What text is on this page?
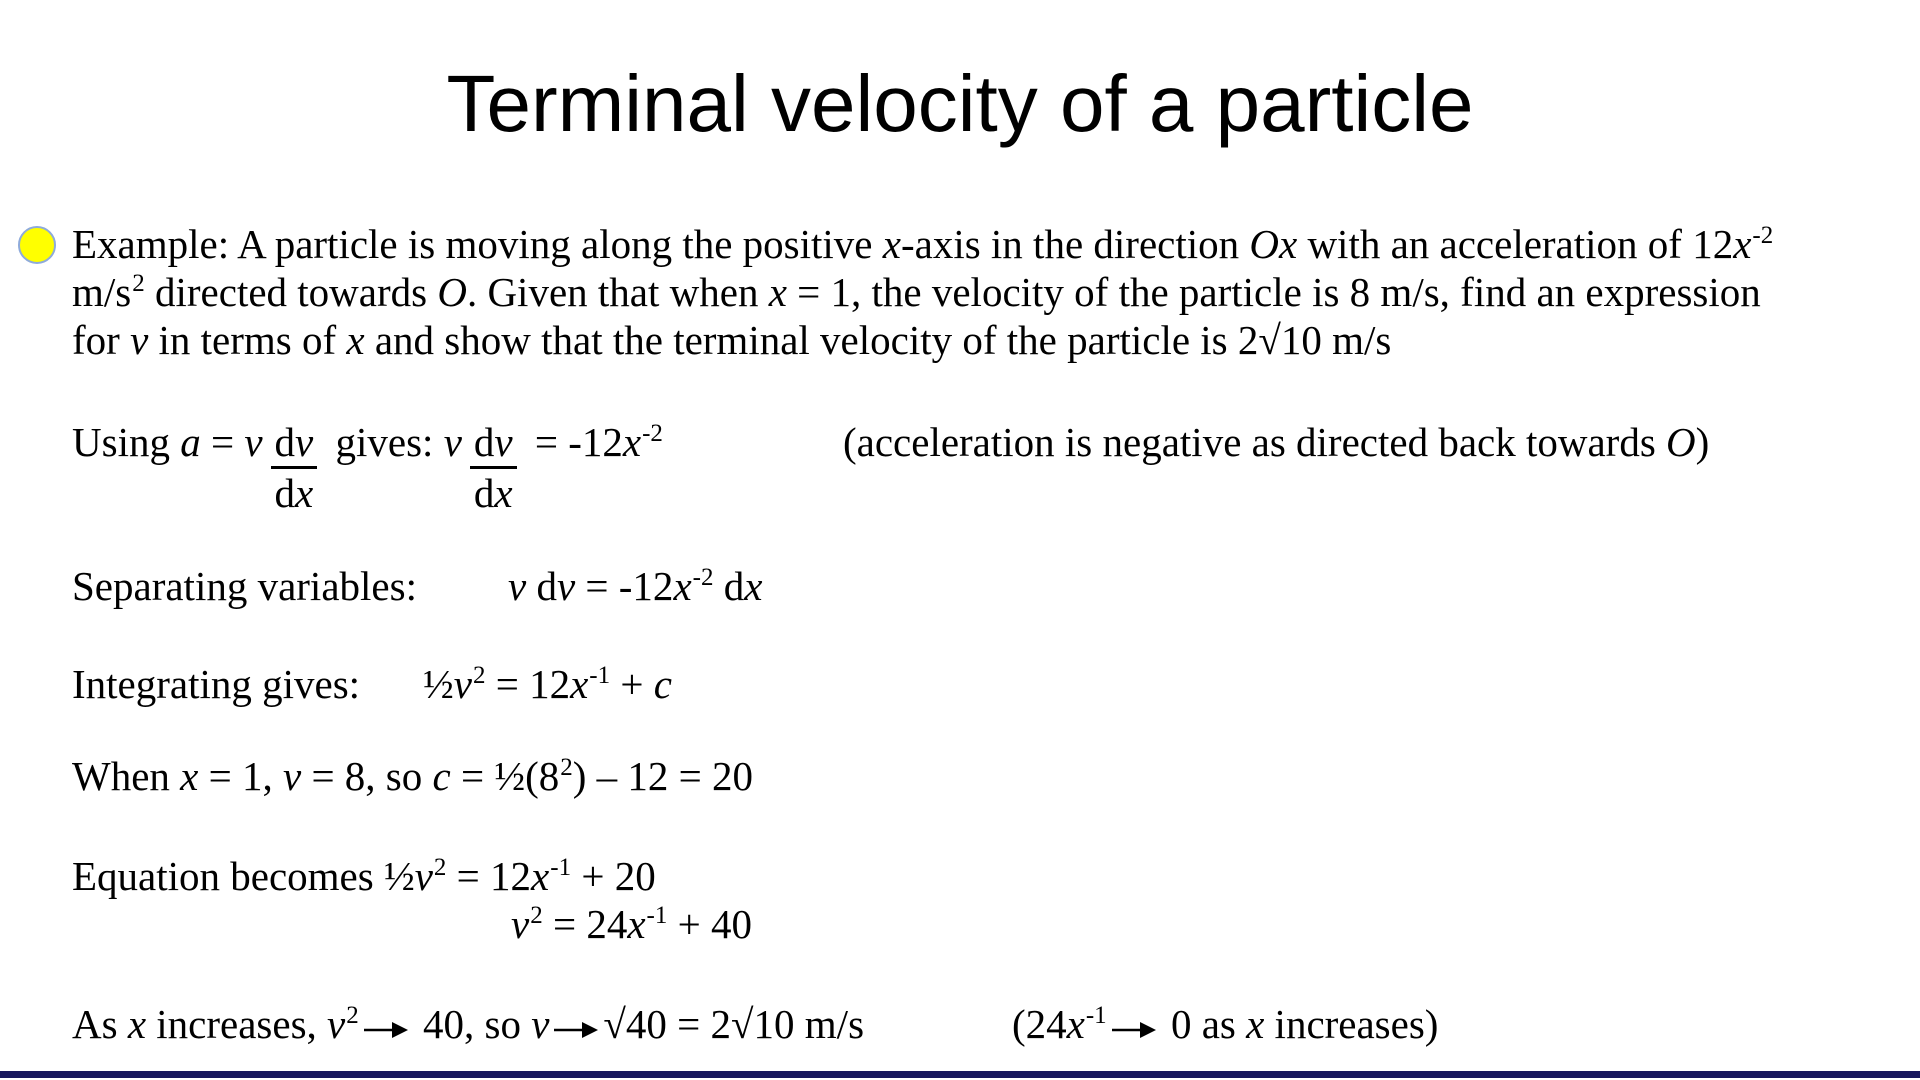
Terminal velocity of a particle
Example: A particle is moving along the positive x-axis in the direction Ox with an acceleration of $12x^{-2}$
$m/s^2$ directed towards O. Given that when x = 1, the velocity of the particle is 8 m/s, find an expression
for v in terms of x and show that the terminal velocity of the particle is 2√10 m/s
Using a = v $\frac{dv}{dx}$ gives: v $\frac{dv}{dx} = -12x^{-2}$	(acceleration is negative as directed back towards O)
Separating variables: v dv = $-12x^{-2}$ dx
Integrating gives: $\frac{1}{2}v^2 = 12x^{-1} + c$
When x = 1, v = 8, so $c = \frac{1}{2}(8^2) - 12 = 20$
Equation becomes $\frac{1}{2}v^2 = 12x^{-1} + 20$
$v^2 = 24x^{-1} + 40$
As x increases, $v^2$ 40, so v √40 = 2√10 m/s	($24x^{-1}$ 0 as x increases)
